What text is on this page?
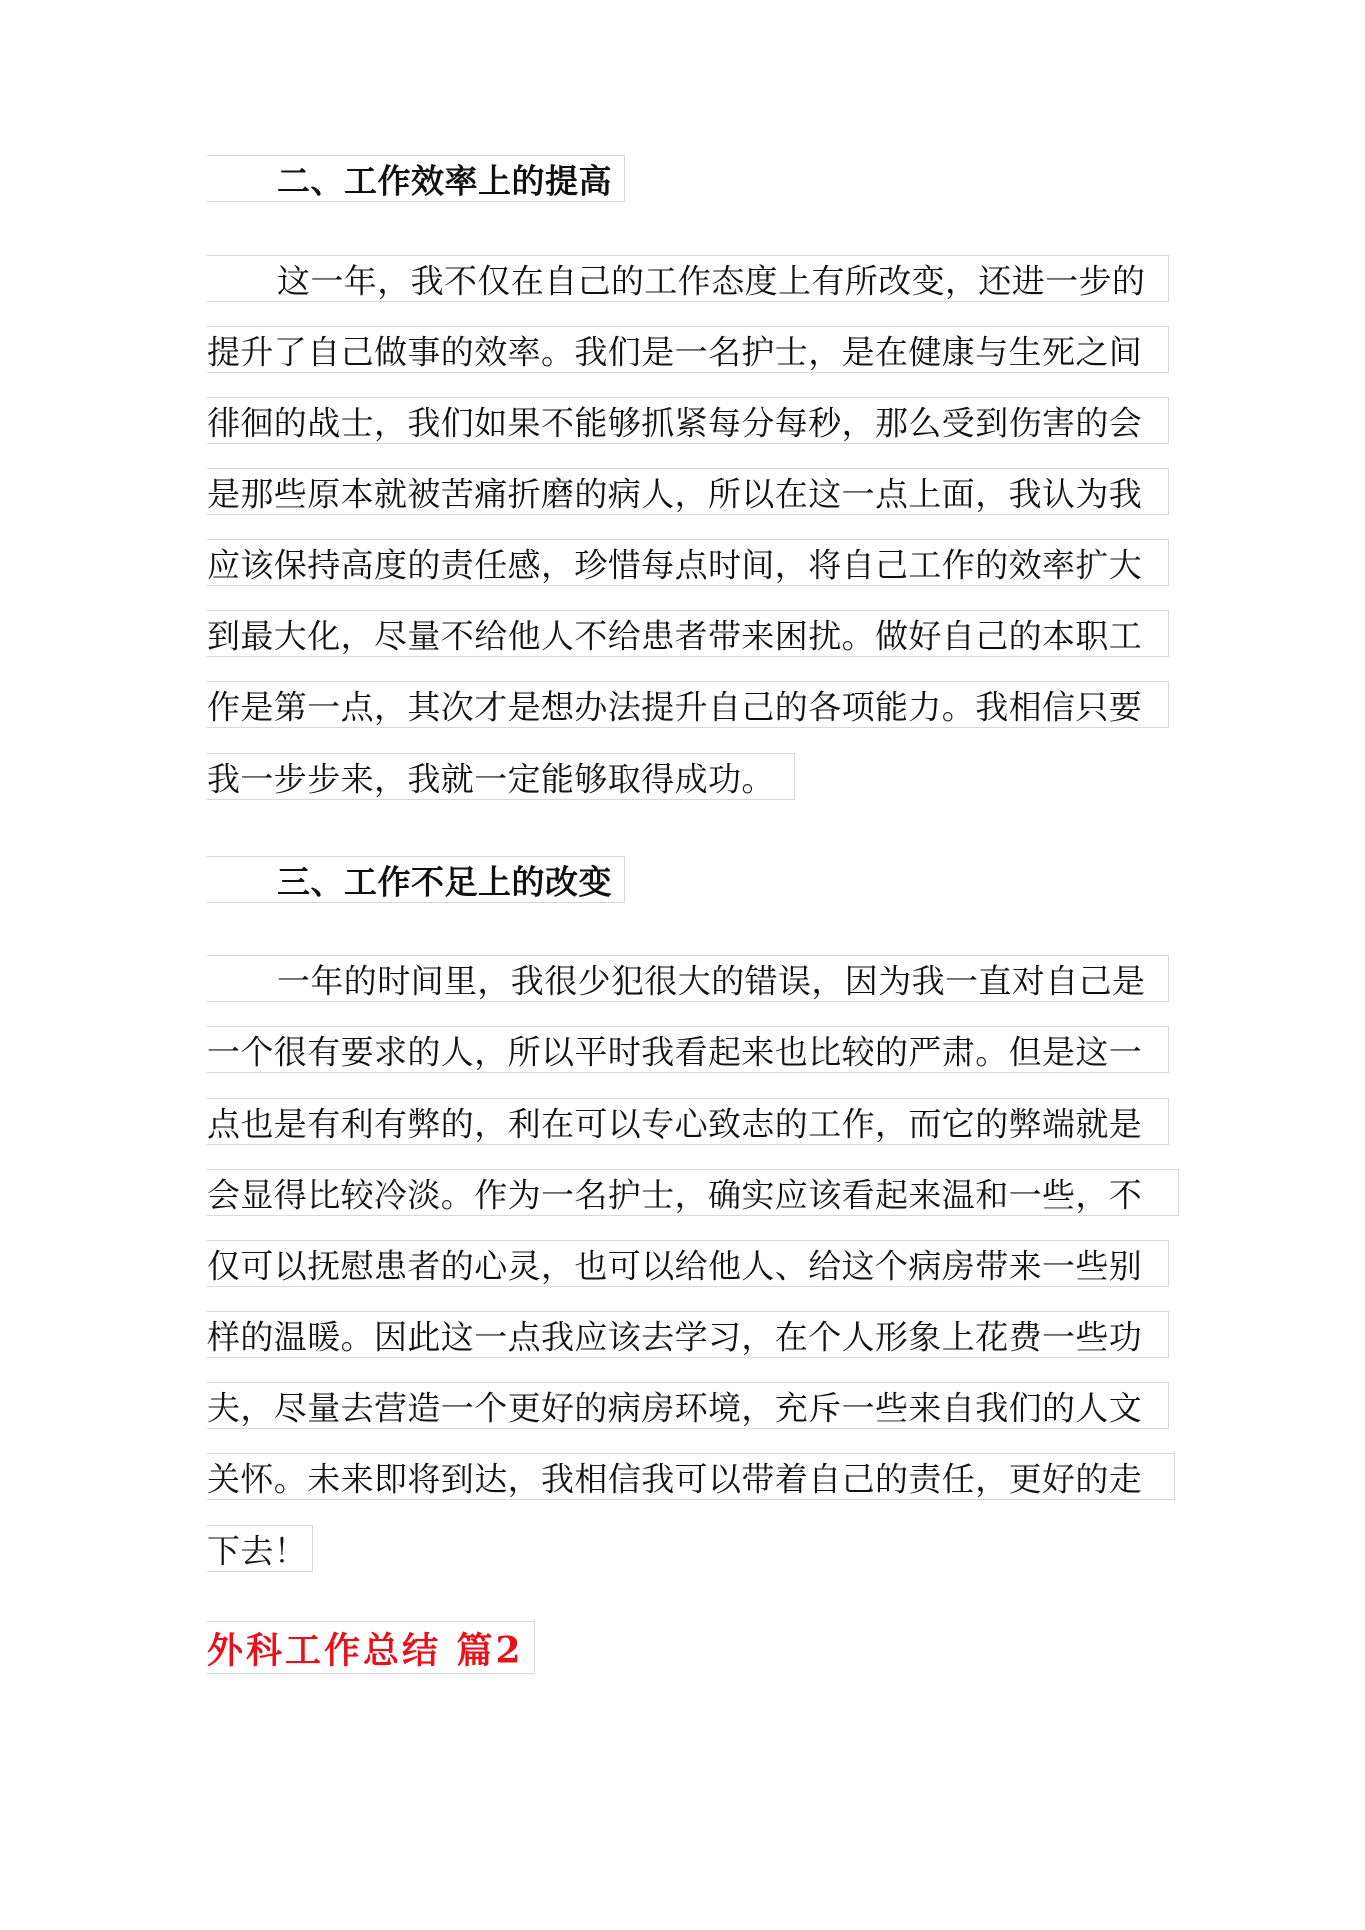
二、工作效率上的提高
这一年，我不仅在自己的工作态度上有所改变，还进一步的
提升了自己做事的效率。我们是一名护士，是在健康与生死之间
徘徊的战士，我们如果不能够抓紧每分每秒，那么受到伤害的会
是那些原本就被苦痛折磨的病人，所以在这一点上面，我认为我
应该保持高度的责任感，珍惜每点时间，将自己工作的效率扩大
到最大化，尽量不给他人不给患者带来困扰。做好自己的本职工
作是第一点，其次才是想办法提升自己的各项能力。我相信只要
我一步步来，我就一定能够取得成功。
三、工作不足上的改变
一年的时间里，我很少犯很大的错误，因为我一直对自己是
一个很有要求的人，所以平时我看起来也比较的严肃。但是这一
点也是有利有弊的，利在可以专心致志的工作，而它的弊端就是
会显得比较冷淡。作为一名护士，确实应该看起来温和一些，不
仅可以抚慰患者的心灵，也可以给他人、给这个病房带来一些别
样的温暖。因此这一点我应该去学习，在个人形象上花费一些功
夫，尽量去营造一个更好的病房环境，充斥一些来自我们的人文
关怀。未来即将到达，我相信我可以带着自己的责任，更好的走
下去！
外科工作总结 篇2
